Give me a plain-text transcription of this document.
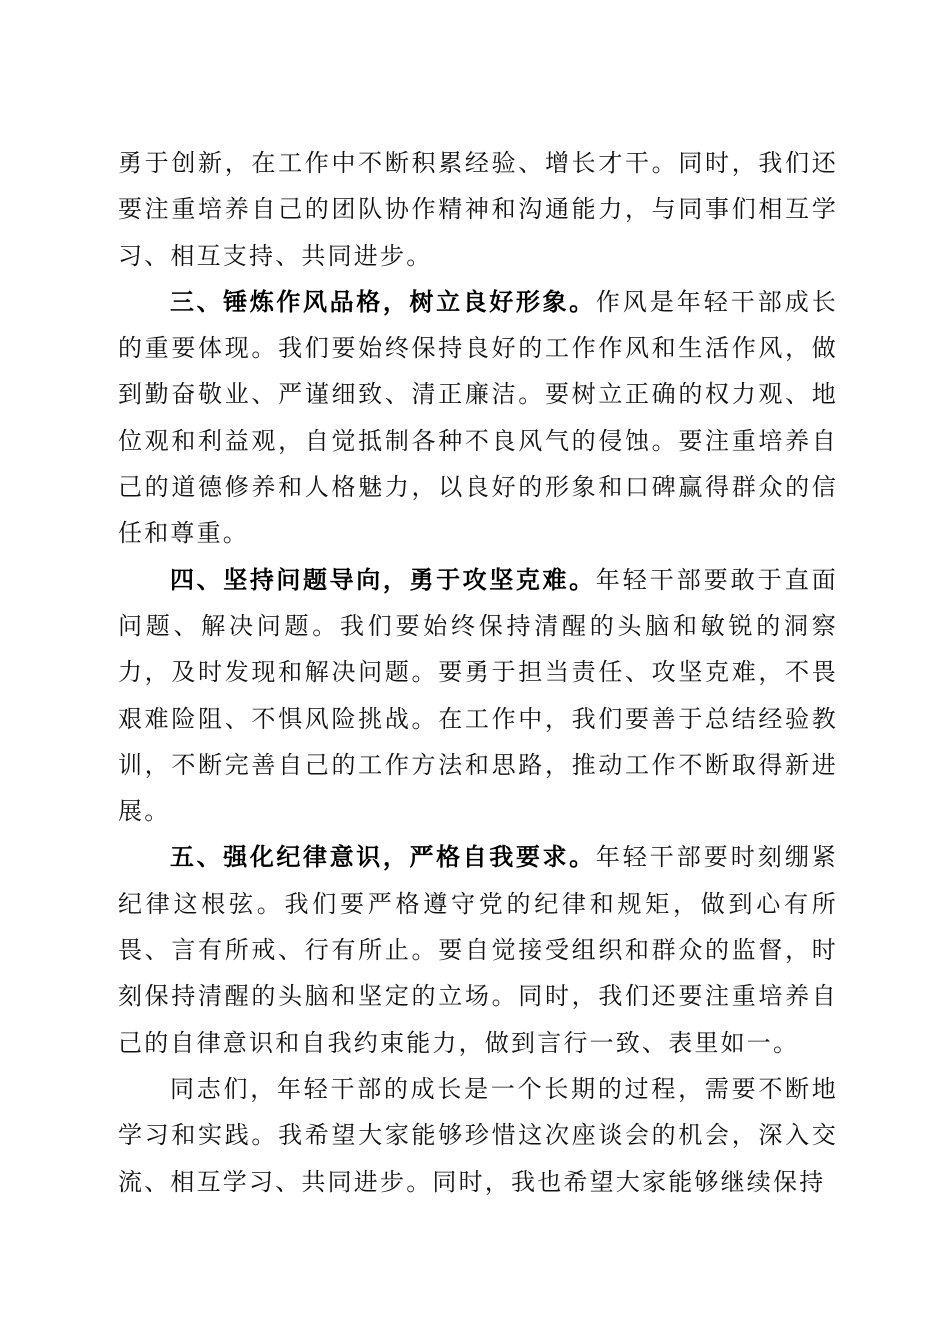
勇于创新，在工作中不断积累经验、增长才干。同时，我们还要注重培养自己的团队协作精神和沟通能力，与同事们相互学习、相互支持、共同进步。

三、锤炼作风品格，树立良好形象。作风是年轻干部成长的重要体现。我们要始终保持良好的工作作风和生活作风，做到勤奋敬业、严谨细致、清正廉洁。要树立正确的权力观、地位观和利益观，自觉抵制各种不良风气的侵蚀。要注重培养自己的道德修养和人格魅力，以良好的形象和口碑赢得群众的信任和尊重。

四、坚持问题导向，勇于攻坚克难。年轻干部要敢于直面问题、解决问题。我们要始终保持清醒的头脑和敏锐的洞察力，及时发现和解决问题。要勇于担当责任、攻坚克难，不畏艰难险阻、不惧风险挑战。在工作中，我们要善于总结经验教训，不断完善自己的工作方法和思路，推动工作不断取得新进展。

五、强化纪律意识，严格自我要求。年轻干部要时刻绷紧纪律这根弦。我们要严格遵守党的纪律和规矩，做到心有所畏、言有所戒、行有所止。要自觉接受组织和群众的监督，时刻保持清醒的头脑和坚定的立场。同时，我们还要注重培养自己的自律意识和自我约束能力，做到言行一致、表里如一。

同志们，年轻干部的成长是一个长期的过程，需要不断地学习和实践。我希望大家能够珍惜这次座谈会的机会，深入交流、相互学习、共同进步。同时，我也希望大家能够继续保持
